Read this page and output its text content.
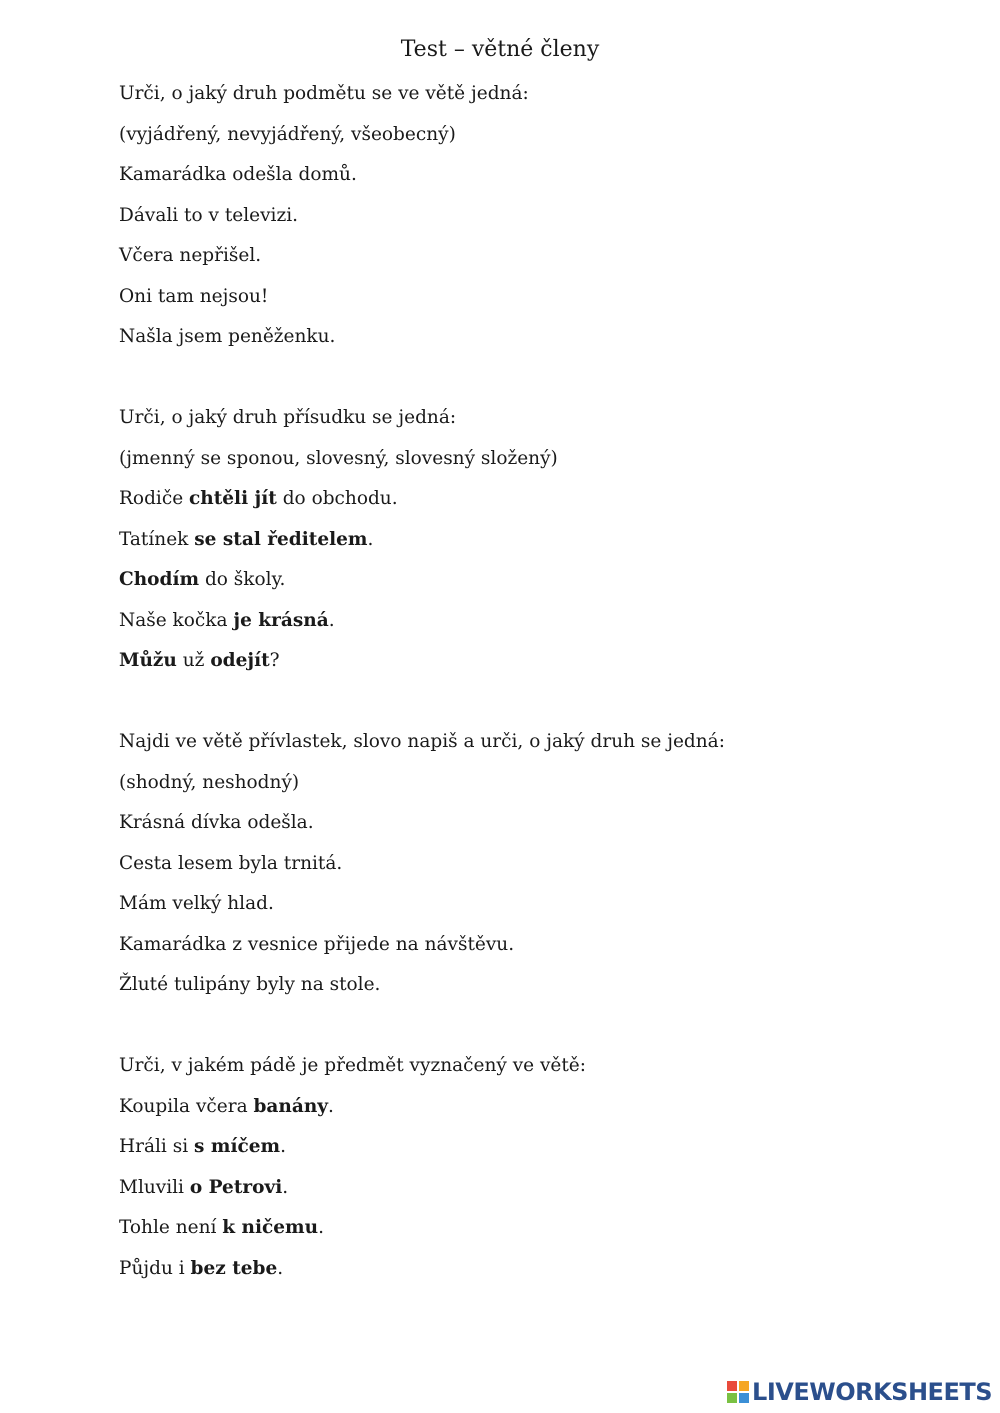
Test – větné členy
Urči, o jaký druh podmětu se ve větě jedná:
(vyjádřený, nevyjádřený, všeobecný)
Kamarádka odešla domů.
Dávali to v televizi.
Včera nepřišel.
Oni tam nejsou!
Našla jsem peněženku.
Urči, o jaký druh přísudku se jedná:
(jmenný se sponou, slovesný, slovesný složený)
Rodiče chtěli jít do obchodu.
Tatínek se stal ředitelem.
Chodím do školy.
Naše kočka je krásná.
Můžu už odejít?
Najdi ve větě přívlastek, slovo napiš a urči, o jaký druh se jedná:
(shodný, neshodný)
Krásná dívka odešla.
Cesta lesem byla trnitá.
Mám velký hlad.
Kamarádka z vesnice přijede na návštěvu.
Žluté tulipány byly na stole.
Urči, v jakém pádě je předmět vyznačený ve větě:
Koupila včera banány.
Hráli si s míčem.
Mluvili o Petrovi.
Tohle není k ničemu.
Půjdu i bez tebe.
LIVEWORKSHEETS
